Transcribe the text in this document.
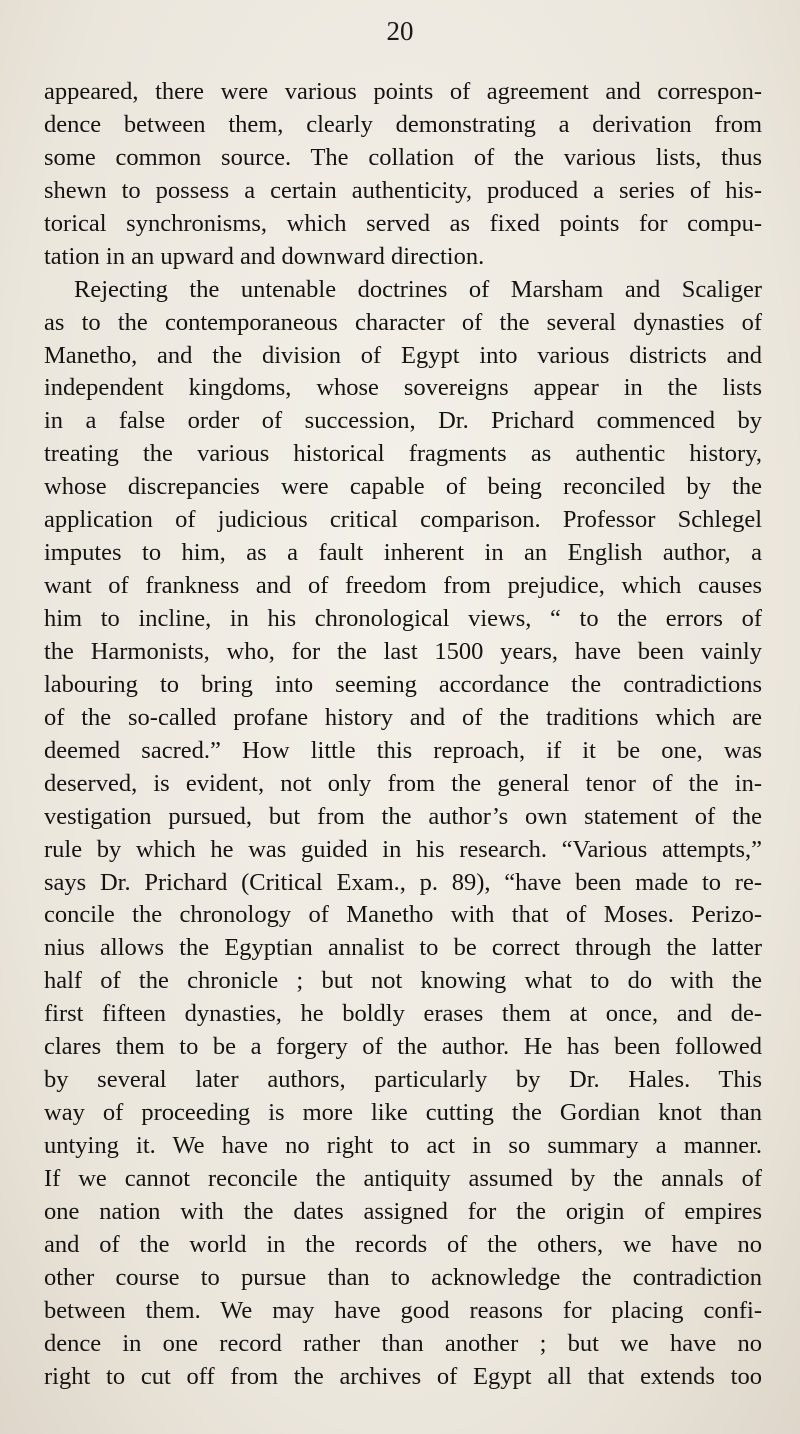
20
appeared, there were various points of agreement and correspon-
dence between them, clearly demonstrating a derivation from
some common source. The collation of the various lists, thus
shewn to possess a certain authenticity, produced a series of his-
torical synchronisms, which served as fixed points for compu-
tation in an upward and downward direction.
Rejecting the untenable doctrines of Marsham and Scaliger
as to the contemporaneous character of the several dynasties of
Manetho, and the division of Egypt into various districts and
independent kingdoms, whose sovereigns appear in the lists
in a false order of succession, Dr. Prichard commenced by
treating the various historical fragments as authentic history,
whose discrepancies were capable of being reconciled by the
application of judicious critical comparison. Professor Schlegel
imputes to him, as a fault inherent in an English author, a
want of frankness and of freedom from prejudice, which causes
him to incline, in his chronological views, “ to the errors of
the Harmonists, who, for the last 1500 years, have been vainly
labouring to bring into seeming accordance the contradictions
of the so-called profane history and of the traditions which are
deemed sacred.” How little this reproach, if it be one, was
deserved, is evident, not only from the general tenor of the in-
vestigation pursued, but from the author’s own statement of the
rule by which he was guided in his research. “Various attempts,”
says Dr. Prichard (Critical Exam., p. 89), “have been made to re-
concile the chronology of Manetho with that of Moses. Perizo-
nius allows the Egyptian annalist to be correct through the latter
half of the chronicle ; but not knowing what to do with the
first fifteen dynasties, he boldly erases them at once, and de-
clares them to be a forgery of the author. He has been followed
by several later authors, particularly by Dr. Hales. This
way of proceeding is more like cutting the Gordian knot than
untying it. We have no right to act in so summary a manner.
If we cannot reconcile the antiquity assumed by the annals of
one nation with the dates assigned for the origin of empires
and of the world in the records of the others, we have no
other course to pursue than to acknowledge the contradiction
between them. We may have good reasons for placing confi-
dence in one record rather than another ; but we have no
right to cut off from the archives of Egypt all that extends too
